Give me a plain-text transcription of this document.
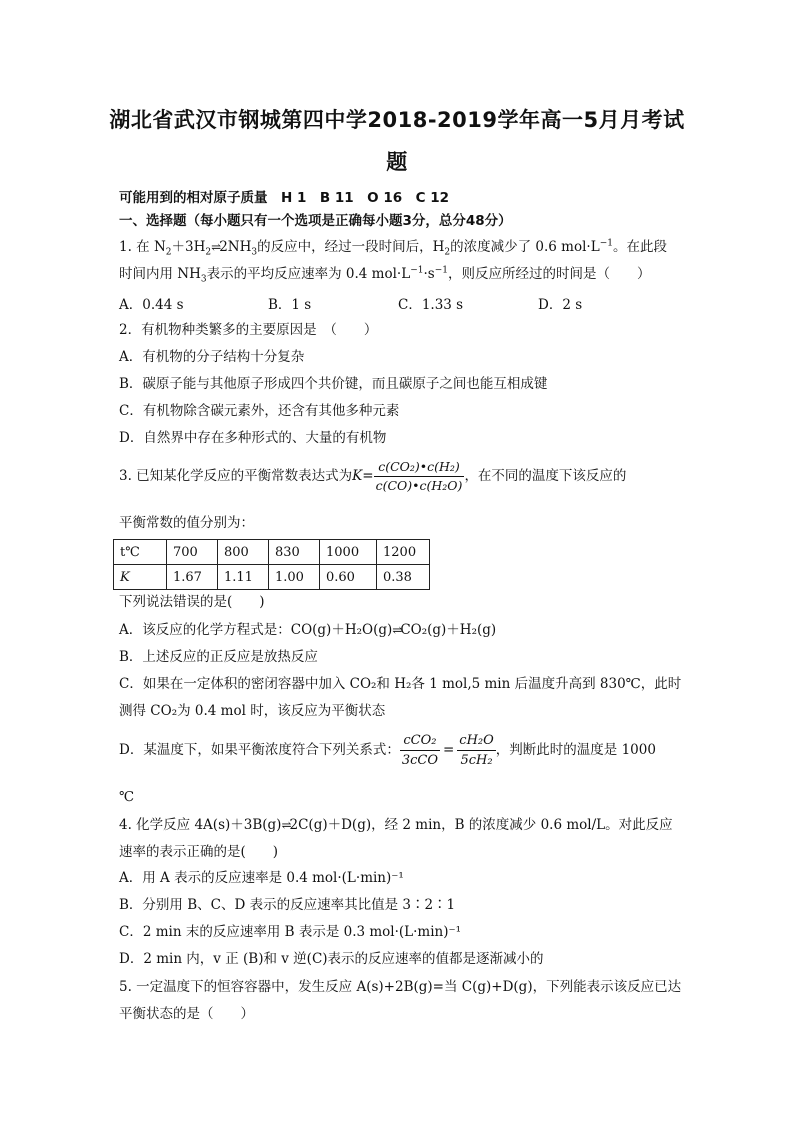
湖北省武汉市钢城第四中学2018-2019学年高一5月月考试
题
可能用到的相对原子质量　H 1　B 11　O 16　C 12
一、选择题（每小题只有一个选项是正确每小题3分，总分48分）
1. 在 $N_2+3H_2\rightleftharpoons 2NH_3$的反应中，经过一段时间后，$H_2$的浓度减少了 0.6 $mol\cdot L^{-1}$。在此段
时间内用 $NH_3$表示的平均反应速率为 0.4 $mol\cdot L^{-1}\cdot s^{-1}$，则反应所经过的时间是（　　）
A．0.44 s	B．1 s	C．1.33 s	D．2 s
2．有机物种类繁多的主要原因是　（　　）
A．有机物的分子结构十分复杂
B．碳原子能与其他原子形成四个共价键，而且碳原子之间也能互相成键
C．有机物除含碳元素外，还含有其他多种元素
D．自然界中存在多种形式的、大量的有机物
3. 已知某化学反应的平衡常数表达式为$K= \frac{\text{c(CO₂)•c(H₂)}}{\text{c(CO)•c(H₂O)}}$ ，在不同的温度下该反应的
平衡常数的值分别为：
t℃	700	800	830	1000	1200
K	1.67	1.11	1.00	0.60	0.38
下列说法错误的是(　　)
A．该反应的化学方程式是：CO(g)＋H₂O(g)⇌CO₂(g)＋H₂(g)
B．上述反应的正反应是放热反应
C．如果在一定体积的密闭容器中加入 CO₂和 H₂各 1 mol,5 min 后温度升高到 830℃，此时
测得 CO₂为 0.4 mol 时，该反应为平衡状态
D．某温度下，如果平衡浓度符合下列关系式： $\frac{\text{cCO₂}}{\text{3cCO}} = \frac{\text{cH₂O}}{\text{5cH₂}}$ ，判断此时的温度是 1000
℃
4. 化学反应 4A(s)＋3B(g)⇌2C(g)＋D(g)，经 2 min，B 的浓度减少 0.6 mol/L。对此反应
速率的表示正确的是(　　)
A．用 A 表示的反应速率是 0.4 mol·(L·min)⁻¹
B．分别用 B、C、D 表示的反应速率其比值是 3∶2∶1
C．2 min 末的反应速率用 B 表示是 0.3 mol·(L·min)⁻¹
D．2 min 内，v 正 (B)和 v 逆(C)表示的反应速率的值都是逐渐减小的
5. 一定温度下的恒容容器中，发生反应 A(s)+2B(g)=当 C(g)+D(g)，下列能表示该反应已达
平衡状态的是（　　）
